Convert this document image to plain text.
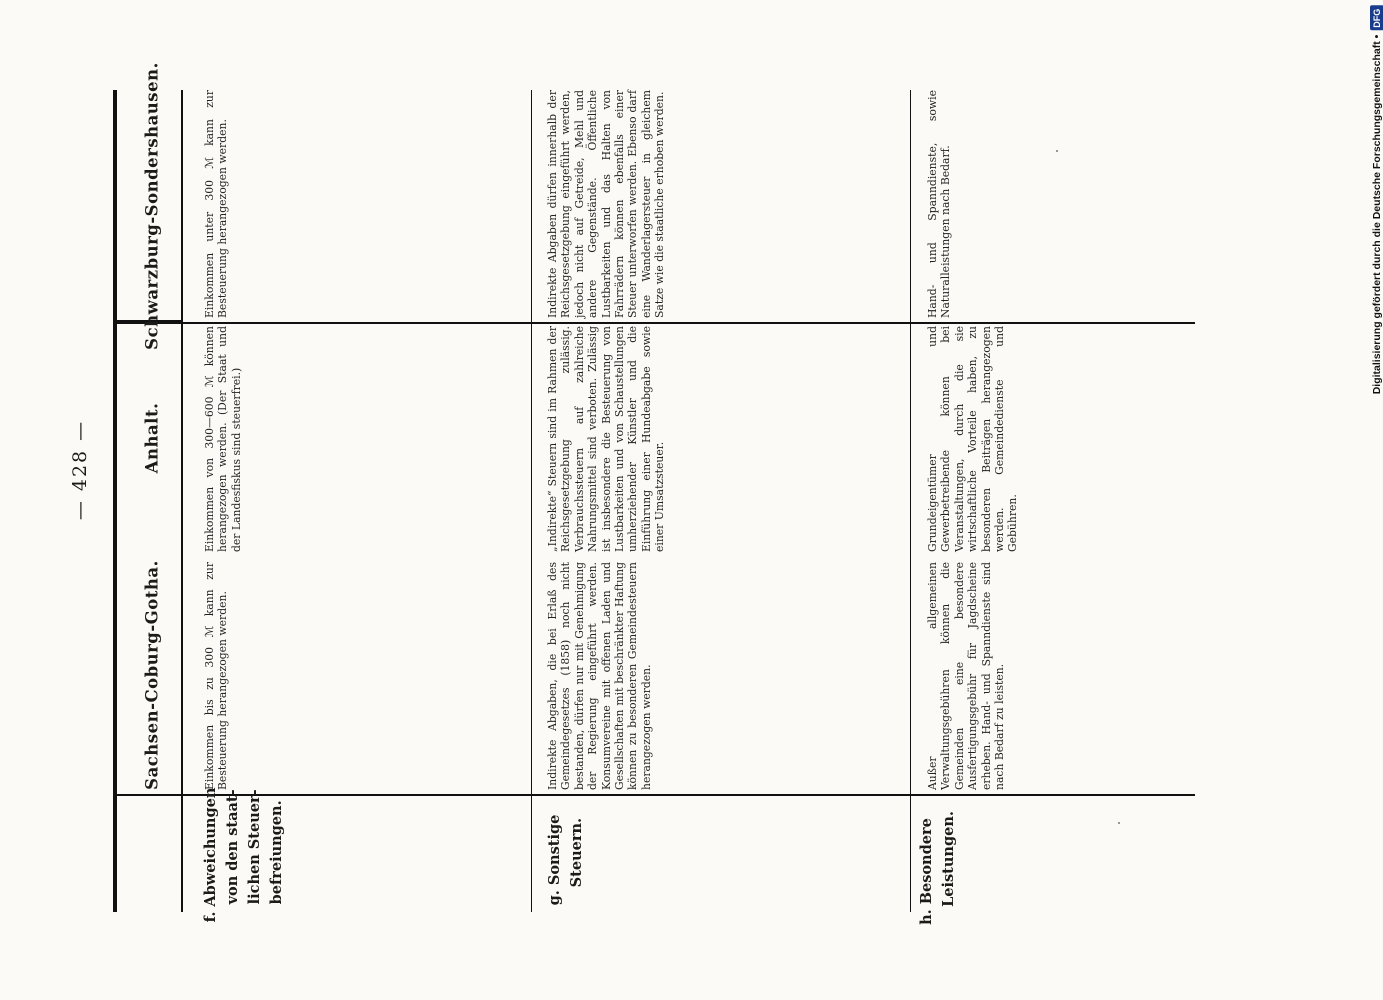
— 428 —
Digitalisierung gefördert durch die Deutsche Forschungsgemeinschaft •
DFG
Sachsen-Coburg-Gotha.
Anhalt.
Schwarzburg-Sondershausen.
f. Abweichungen von den staat- lichen Steuer- befreiungen.	g. Sonstige Steuern.	h. Besondere Leistungen.

Einkommen bis zu 300 ℳ kann zur Besteuerung herangezogen werden.

Einkommen von 300—600 ℳ können herangezogen werden. (Der Staat und der Landesfiskus sind steuerfrei.)

Einkommen unter 300 ℳ kann zur Besteuerung herangezogen werden.

Indirekte Abgaben, die bei Erlaß des Gemeindegesetzes (1858) noch nicht bestanden, dürfen nur mit Genehmigung der Regierung eingeführt werden. Konsumvereine mit offenen Laden und Gesellschaften mit beschränkter Haftung können zu besonderen Gemeindesteuern herangezogen werden.

„Indirekte“ Steuern sind im Rahmen der Reichsgesetzgebung zulässig. Verbrauchssteuern auf zahlreiche Nahrungsmittel sind verboten. Zulässig ist insbesondere die Besteuerung von Lustbarkeiten und von Schaustellungen umherziehender Künstler und die Einführung einer Hundeabgabe sowie einer Umsatzsteuer.

Indirekte Abgaben dürfen innerhalb der Reichsgesetzgebung eingeführt werden, jedoch nicht auf Getreide, Mehl und andere Gegenstände. Öffentliche Lustbarkeiten und das Halten von Fahrrädern können ebenfalls einer Steuer unterworfen werden. Ebenso darf eine Wanderlagersteuer in gleichem Satze wie die staatliche erhoben werden.

Außer allgemeinen Verwaltungsgebühren können die Gemeinden eine besondere Ausfertigungsgebühr für Jagdscheine erheben. Hand- und Spanndienste sind nach Bedarf zu leisten.

Grundeigentümer und Gewerbetreibende können bei Veranstaltungen, durch die sie wirtschaftliche Vorteile haben, zu besonderen Beiträgen herangezogen werden. Gemeindedienste und Gebühren.

Hand- und Spanndienste, sowie Naturalleistungen nach Bedarf.
